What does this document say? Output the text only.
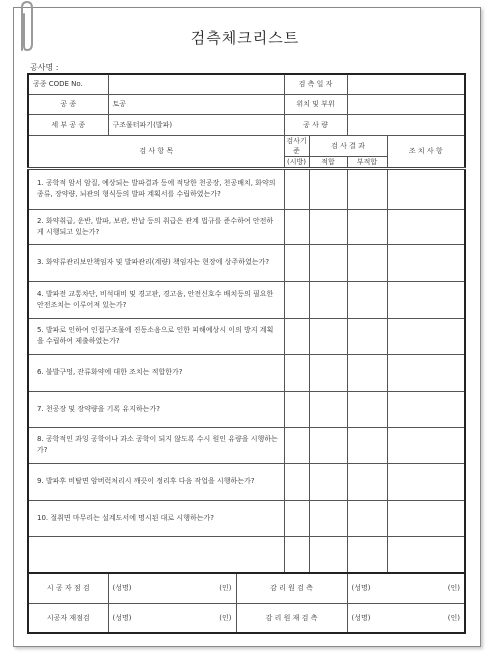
검측체크리스트
공사명 :
공종 CODE No.			검 측 일 자			
공 종	토공		위치 및 부위			
세 부 공 종	구조물터파기(발파)		공 사 량			
검 사 항 목			검사기준	검 사 결 과		조 치 사 항
			(시방)	적합	부적합	
1. 공학적 암서 암질, 예상되는 발파결과 등에 적당한 천공장, 천공배치, 화약의 종류, 장약량, 뇌관의 형식등의 발파 계획서를 수립하였는가?						
2. 화약취급, 운반, 발파, 보관, 반납 등의 취급은 관계 법규를 준수하여 안전하게 시행되고 있는가?						
3. 화약류관리보안책임자 및 발파관리(계량) 책임자는 현장에 상주하였는가?						
4. 발파전 교통차단, 비석대비 및 경고판, 경고음, 안전신호수 배치등의 필요한 안전조치는 이루어져 있는가?						
5. 발파로 인하여 인접구조물에 진동소음으로 인한 피해예상시 이의 방지 계획을 수립하여 제출하였는가?						
6. 불발구멍, 잔류화약에 대한 조치는 적합한가?						
7. 천공장 및 장약량을 기록 유지하는가?						
8. 공학적인 과잉 공학이나 과소 공학이 되지 않도록 수시 원인 유량을 시행하는가?						
9. 발파후 비탈면 암버럭처리시 깨끗이 정리후 다음 작업을 시행하는가?						
10. 절취면 마무리는 설계도서에 명시된 대로 시행하는가?						

시 공 자 점 검	(성명) (인)	감 리 원 검 측			(성명) (인)	

시공자 재점검	(성명) (인)	감 리 원 재 검 측			(성명) (인)	
